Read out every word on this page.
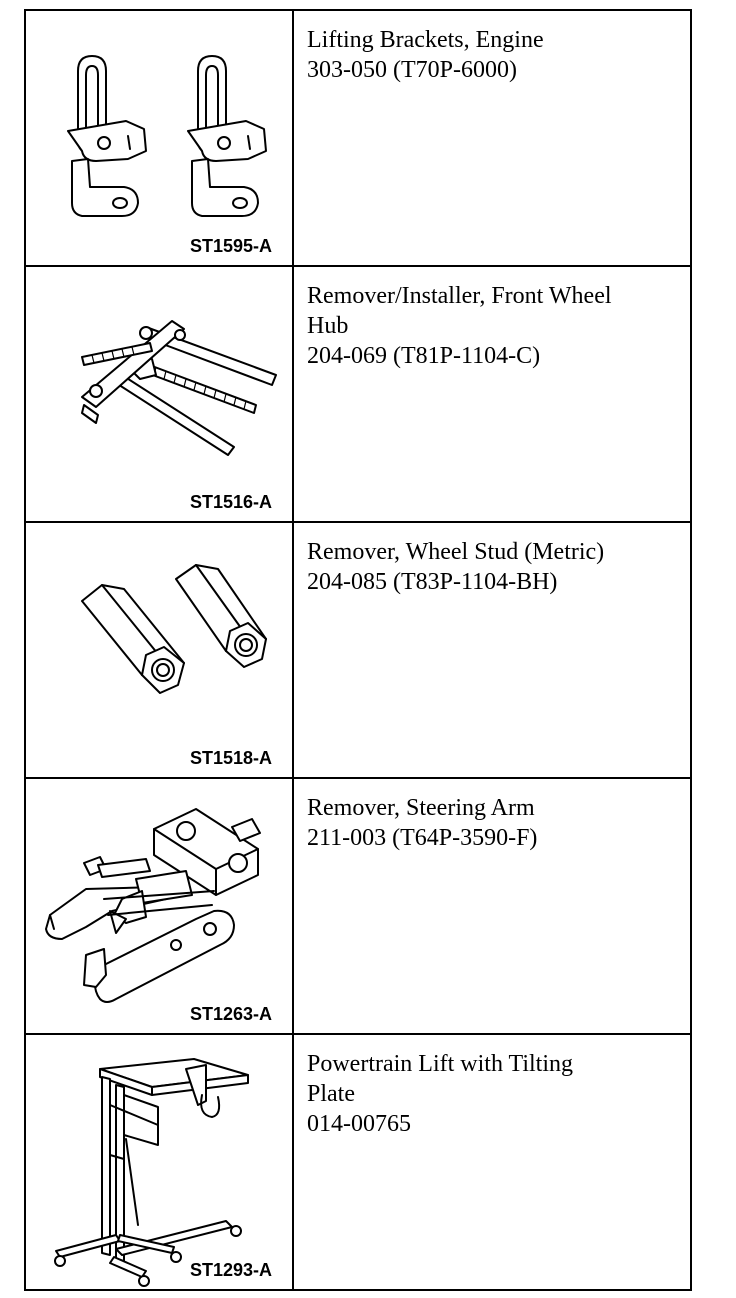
ST1595-A	Lifting Brackets, Engine
303-050 (T70P-6000)

ST1516-A	Remover/Installer, Front Wheel
Hub
204-069 (T81P-1104-C)

ST1518-A	Remover, Wheel Stud (Metric)
204-085 (T83P-1104-BH)

ST1263-A	Remover, Steering Arm
211-003 (T64P-3590-F)

ST1293-A	Powertrain Lift with Tilting
Plate
014-00765
